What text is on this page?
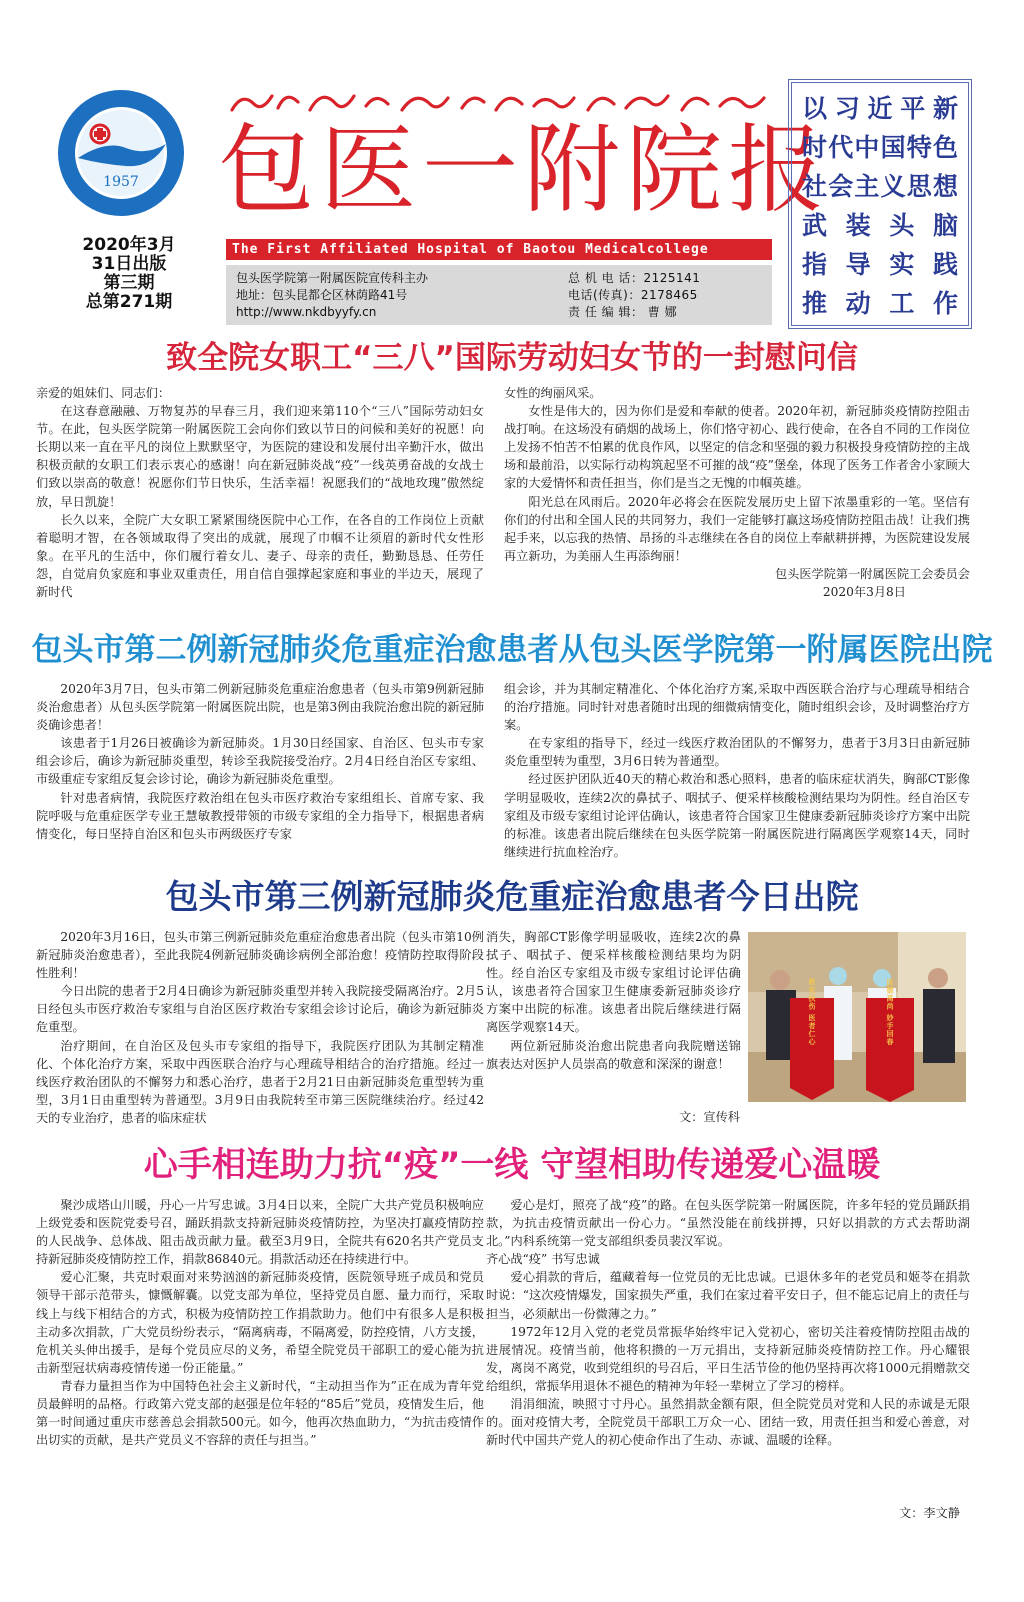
1957
2020年3月
31日出版
第三期
总第271期
包医一附院报
The First Affiliated Hospital of Baotou Medicalcollege
包头医学院第一附属医院宣传科主办
地址：包头昆都仑区林荫路41号
http://www.nkdbyyfy.cn
总 机 电 话：2125141
电话(传真)：2178465
责 任 编 辑： 曹 娜
以习近平新
时代中国特色
社会主义思想
武装头脑
指导实践
推动工作
致全院女职工“三八”国际劳动妇女节的一封慰问信

亲爱的姐妹们、同志们：

在这春意融融、万物复苏的早春三月，我们迎来第110个“三八”国际劳动妇女节。在此，包头医学院第一附属医院工会向你们致以节日的问候和美好的祝愿！向长期以来一直在平凡的岗位上默默坚守，为医院的建设和发展付出辛勤汗水，做出积极贡献的女职工们表示衷心的感谢！向在新冠肺炎战“疫”一线英勇奋战的女战士们致以崇高的敬意！祝愿你们节日快乐，生活幸福！祝愿我们的“战地玫瑰”傲然绽放，早日凯旋！

长久以来，全院广大女职工紧紧围绕医院中心工作，在各自的工作岗位上贡献着聪明才智，在各领域取得了突出的成就，展现了巾帼不让须眉的新时代女性形象。在平凡的生活中，你们履行着女儿、妻子、母亲的责任，勤勤恳恳、任劳任怨，自觉肩负家庭和事业双重责任，用自信自强撑起家庭和事业的半边天，展现了新时代

女性的绚丽风采。

女性是伟大的，因为你们是爱和奉献的使者。2020年初，新冠肺炎疫情防控阻击战打响。在这场没有硝烟的战场上，你们恪守初心、践行使命，在各自不同的工作岗位上发扬不怕苦不怕累的优良作风，以坚定的信念和坚强的毅力积极投身疫情防控的主战场和最前沿，以实际行动构筑起坚不可摧的战“疫”堡垒，体现了医务工作者舍小家顾大家的大爱情怀和责任担当，你们是当之无愧的巾帼英雄。

阳光总在风雨后。2020年必将会在医院发展历史上留下浓墨重彩的一笔。坚信有你们的付出和全国人民的共同努力，我们一定能够打赢这场疫情防控阻击战！让我们携起手来，以忘我的热情、昂扬的斗志继续在各自的岗位上奉献耕拼搏，为医院建设发展再立新功，为美丽人生再添绚丽！

包头医学院第一附属医院工会委员会

2020年3月8日

包头市第二例新冠肺炎危重症治愈患者从包头医学院第一附属医院出院

2020年3月7日，包头市第二例新冠肺炎危重症治愈患者（包头市第9例新冠肺炎治愈患者）从包头医学院第一附属医院出院，也是第3例由我院治愈出院的新冠肺炎确诊患者！

该患者于1月26日被确诊为新冠肺炎。1月30日经国家、自治区、包头市专家组会诊后，确诊为新冠肺炎重型，转诊至我院接受治疗。2月4日经自治区专家组、市级重症专家组反复会诊讨论，确诊为新冠肺炎危重型。

针对患者病情，我院医疗救治组在包头市医疗救治专家组组长、首席专家、我院呼吸与危重症医学专业王慧敏教授带领的市级专家组的全力指导下，根据患者病情变化，每日坚持自治区和包头市两级医疗专家

组会诊，并为其制定精准化、个体化治疗方案,采取中西医联合治疗与心理疏导相结合的治疗措施。同时针对患者随时出现的细微病情变化，随时组织会诊，及时调整治疗方案。

在专家组的指导下，经过一线医疗救治团队的不懈努力，患者于3月3日由新冠肺炎危重型转为重型，3月6日转为普通型。

经过医护团队近40天的精心救治和悉心照料，患者的临床症状消失，胸部CT影像学明显吸收，连续2次的鼻拭子、咽拭子、便采样核酸检测结果均为阴性。经自治区专家组及市级专家组讨论评估确认，该患者符合国家卫生健康委新冠肺炎诊疗方案中出院的标准。该患者出院后继续在包头医学院第一附属医院进行隔离医学观察14天，同时继续进行抗血栓治疗。

包头市第三例新冠肺炎危重症治愈患者今日出院

2020年3月16日，包头市第三例新冠肺炎危重症治愈患者出院（包头市第10例新冠肺炎治愈患者），至此我院4例新冠肺炎确诊病例全部治愈！疫情防控取得阶段性胜利！

今日出院的患者于2月4日确诊为新冠肺炎重型并转入我院接受隔离治疗。2月5日经包头市医疗救治专家组与自治区医疗救治专家组会诊讨论后，确诊为新冠肺炎危重型。

治疗期间，在自治区及包头市专家组的指导下，我院医疗团队为其制定精准化、个体化治疗方案，采取中西医联合治疗与心理疏导相结合的治疗措施。经过一线医疗救治团队的不懈努力和悉心治疗，患者于2月21日由新冠肺炎危重型转为重型，3月1日由重型转为普通型。3月9日由我院转至市第三医院继续治疗。经过42天的专业治疗，患者的临床症状

消失，胸部CT影像学明显吸收，连续2次的鼻拭子、咽拭子、便采样核酸检测结果均为阴性。经自治区专家组及市级专家组讨论评估确认，该患者符合国家卫生健康委新冠肺炎诊疗方案中出院的标准。该患者出院后继续进行隔离医学观察14天。

两位新冠肺炎治愈出院患者向我院赠送锦旗表达对医护人员崇高的敬意和深深的谢意！

文：宣传科
救死扶伤 医者仁心	医德高尚 妙手回春
心手相连助力抗“疫”一线 守望相助传递爱心温暖

聚沙成塔山川暖，丹心一片写忠诚。3月4日以来，全院广大共产党员积极响应上级党委和医院党委号召，踊跃捐款支持新冠肺炎疫情防控，为坚决打赢疫情防控的人民战争、总体战、阻击战贡献力量。截至3月9日，全院共有620名共产党员支持新冠肺炎疫情防控工作，捐款86840元。捐款活动还在持续进行中。

爱心汇聚，共克时艰面对来势汹汹的新冠肺炎疫情，医院领导班子成员和党员领导干部示范带头，慷慨解囊。以党支部为单位，坚持党员自愿、量力而行，采取线上与线下相结合的方式，积极为疫情防控工作捐款助力。他们中有很多人是积极主动多次捐款，广大党员纷纷表示，“隔离病毒，不隔离爱，防控疫情，八方支援，危机关头伸出援手，是每个党员应尽的义务，希望全院党员干部职工的爱心能为抗击新型冠状病毒疫情传递一份正能量。”

青春力量担当作为中国特色社会主义新时代，“主动担当作为”正在成为青年党员最鲜明的品格。行政第六党支部的赵强是位年轻的“85后”党员，疫情发生后，他第一时间通过重庆市慈善总会捐款500元。如今，他再次热血助力，“为抗击疫情作出切实的贡献，是共产党员义不容辞的责任与担当。”

爱心是灯，照亮了战“疫”的路。在包头医学院第一附属医院，许多年轻的党员踊跃捐款，为抗击疫情贡献出一份心力。“虽然没能在前线拼搏，只好以捐款的方式去帮助湖北。”内科系统第一党支部组织委员裴汉军说。

齐心战“疫” 书写忠诚

爱心捐款的背后，蕴藏着每一位党员的无比忠诚。已退休多年的老党员和姬苓在捐款时说：“这次疫情爆发，国家损失严重，我们在家过着平安日子，但不能忘记肩上的责任与担当，必须献出一份微薄之力。”

1972年12月入党的老党员常振华始终牢记入党初心，密切关注着疫情防控阻击战的进展情况。疫情当前，他将积攒的一万元捐出，支持新冠肺炎疫情防控工作。丹心耀银发，离岗不离党，收到党组织的号召后，平日生活节俭的他仍坚持再次将1000元捐赠款交给组织，常振华用退休不褪色的精神为年轻一辈树立了学习的榜样。

涓涓细流，映照寸寸丹心。虽然捐款金额有限，但全院党员对党和人民的赤诚是无限的。面对疫情大考，全院党员干部职工万众一心、团结一致，用责任担当和爱心善意，对新时代中国共产党人的初心使命作出了生动、赤诚、温暖的诠释。

文：李文静
